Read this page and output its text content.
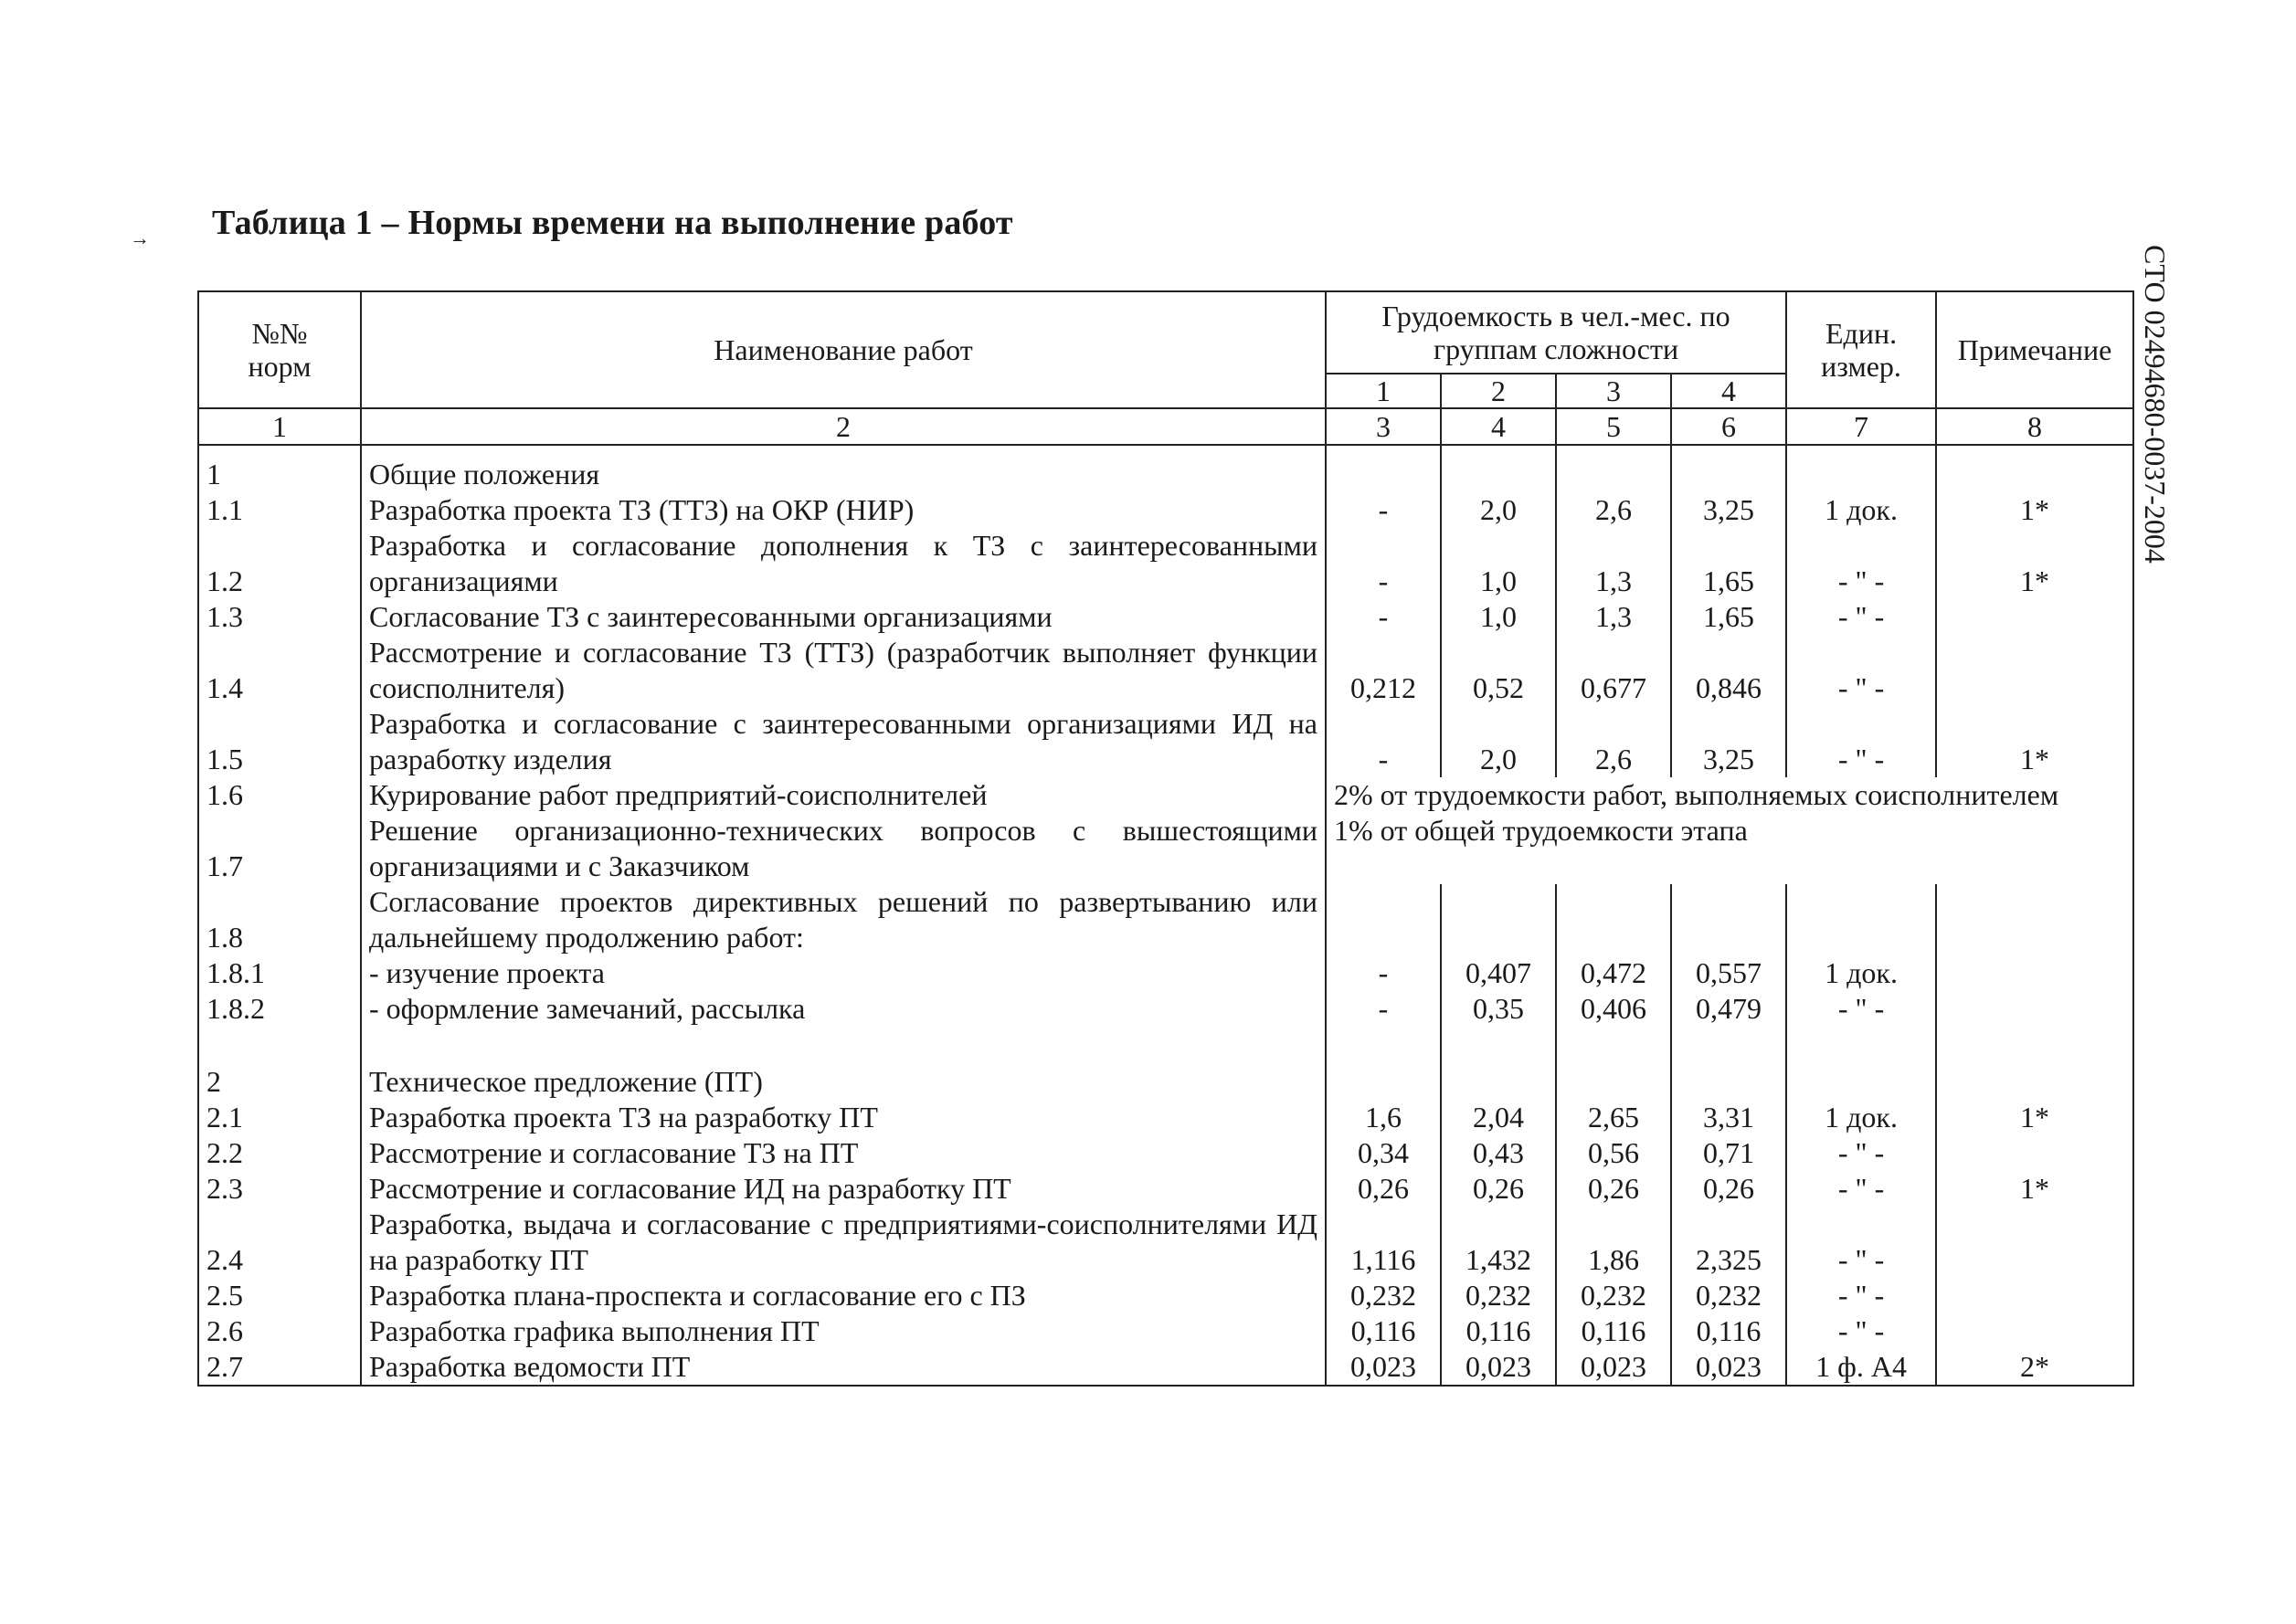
→ Таблица 1 – Нормы времени на выполнение работ
СТО 02494680-0037-2004
№№
норм	Наименование работ	Грудоемкость в чел.-мес. по группам сложности				Един. измер.	Примечание
		1	2	3	4		
1	2	3	4	5	6	7	8
1	Общие положения						
1.1	Разработка проекта ТЗ (ТТЗ) на ОКР (НИР)	-	2,0	2,6	3,25	1 док.	1*
1.2	Разработка и согласование дополнения к ТЗ с заинтересованными организациями	-	1,0	1,3	1,65	- " -	1*
1.3	Согласование ТЗ с заинтересованными организациями	-	1,0	1,3	1,65	- " -	
1.4	Рассмотрение и согласование ТЗ (ТТЗ) (разработчик выполняет функции соисполнителя)	0,212	0,52	0,677	0,846	- " -	
1.5	Разработка и согласование с заинтересованными организациями ИД на разработку изделия	-	2,0	2,6	3,25	- " -	1*
1.6	Курирование работ предприятий-соисполнителей	2% от трудоемкости работ, выполняемых соисполнителем					
1.7	Решение организационно-технических вопросов с вышестоящими организациями и с Заказчиком	1% от общей трудоемкости этапа					
1.8	Согласование проектов директивных решений по развертыванию или дальнейшему продолжению работ:						
1.8.1	- изучение проекта	-	0,407	0,472	0,557	1 док.	
1.8.2	- оформление замечаний, рассылка	-	0,35	0,406	0,479	- " -	
2	Техническое предложение (ПТ)						
2.1	Разработка проекта ТЗ на разработку ПТ	1,6	2,04	2,65	3,31	1 док.	1*
2.2	Рассмотрение и согласование ТЗ на ПТ	0,34	0,43	0,56	0,71	- " -	
2.3	Рассмотрение и согласование ИД на разработку ПТ	0,26	0,26	0,26	0,26	- " -	1*
2.4	Разработка, выдача и согласование с предприятиями-соисполнителями ИД на разработку ПТ	1,116	1,432	1,86	2,325	- " -	
2.5	Разработка плана-проспекта и согласование его с ПЗ	0,232	0,232	0,232	0,232	- " -	
2.6	Разработка графика выполнения ПТ	0,116	0,116	0,116	0,116	- " -	
2.7	Разработка ведомости ПТ	0,023	0,023	0,023	0,023	1 ф. А4	2*
